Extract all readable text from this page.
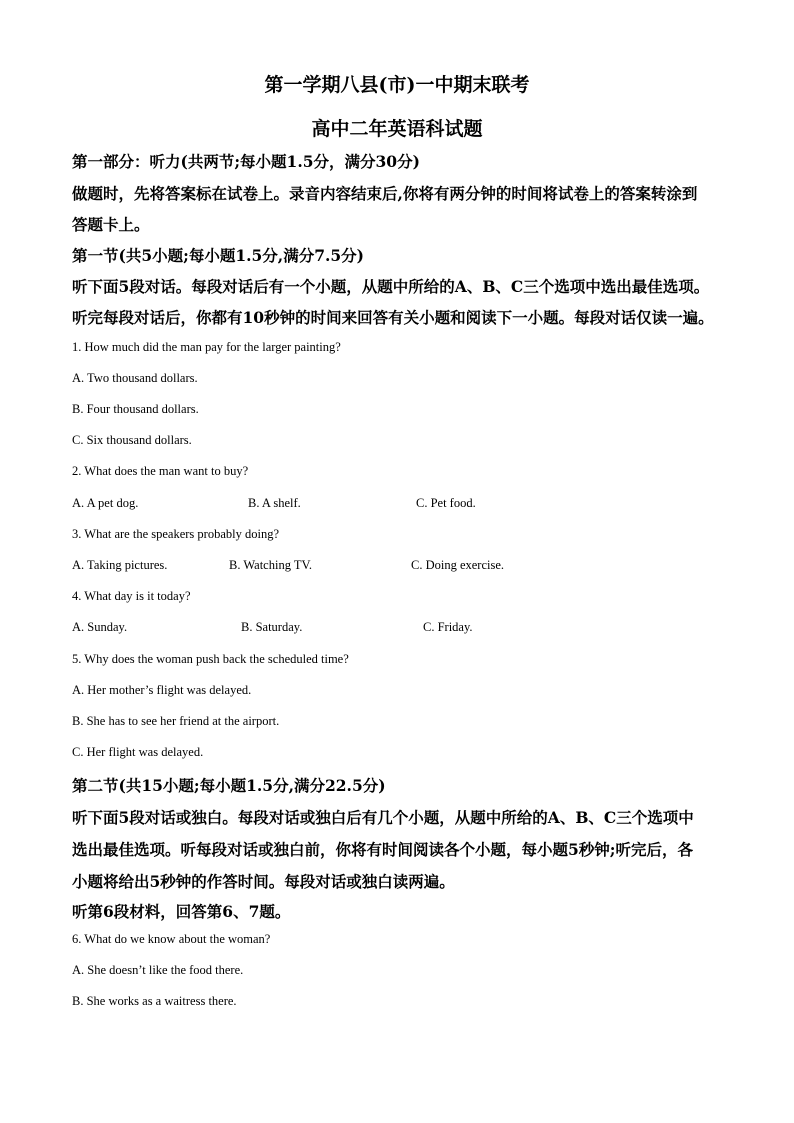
第一学期八县(市)一中期末联考
高中二年英语科试题
第一部分：听力(共两节;每小题1.5分，满分30分)
做题时，先将答案标在试卷上。录音内容结束后,你将有两分钟的时间将试卷上的答案转涂到
答题卡上。
第一节(共5小题;每小题1.5分,满分7.5分)
听下面5段对话。每段对话后有一个小题，从题中所给的A、B、C三个选项中选出最佳选项。
听完每段对话后，你都有10秒钟的时间来回答有关小题和阅读下一小题。每段对话仅读一遍。
1. How much did the man pay for the larger painting?
A. Two thousand dollars.
B. Four thousand dollars.
C. Six thousand dollars.
2. What does the man want to buy?
A. A pet dog.	B. A shelf.	C. Pet food.
3. What are the speakers probably doing?
A. Taking pictures.	B. Watching TV.	C. Doing exercise.
4. What day is it today?
A. Sunday.	B. Saturday.	C. Friday.
5. Why does the woman push back the scheduled time?
A. Her mother’s flight was delayed.
B. She has to see her friend at the airport.
C. Her flight was delayed.
第二节(共15小题;每小题1.5分,满分22.5分)
听下面5段对话或独白。每段对话或独白后有几个小题，从题中所给的A、B、C三个选项中
选出最佳选项。听每段对话或独白前，你将有时间阅读各个小题，每小题5秒钟;听完后，各
小题将给出5秒钟的作答时间。每段对话或独白读两遍。
听第6段材料，回答第6、7题。
6. What do we know about the woman?
A. She doesn’t like the food there.
B. She works as a waitress there.
